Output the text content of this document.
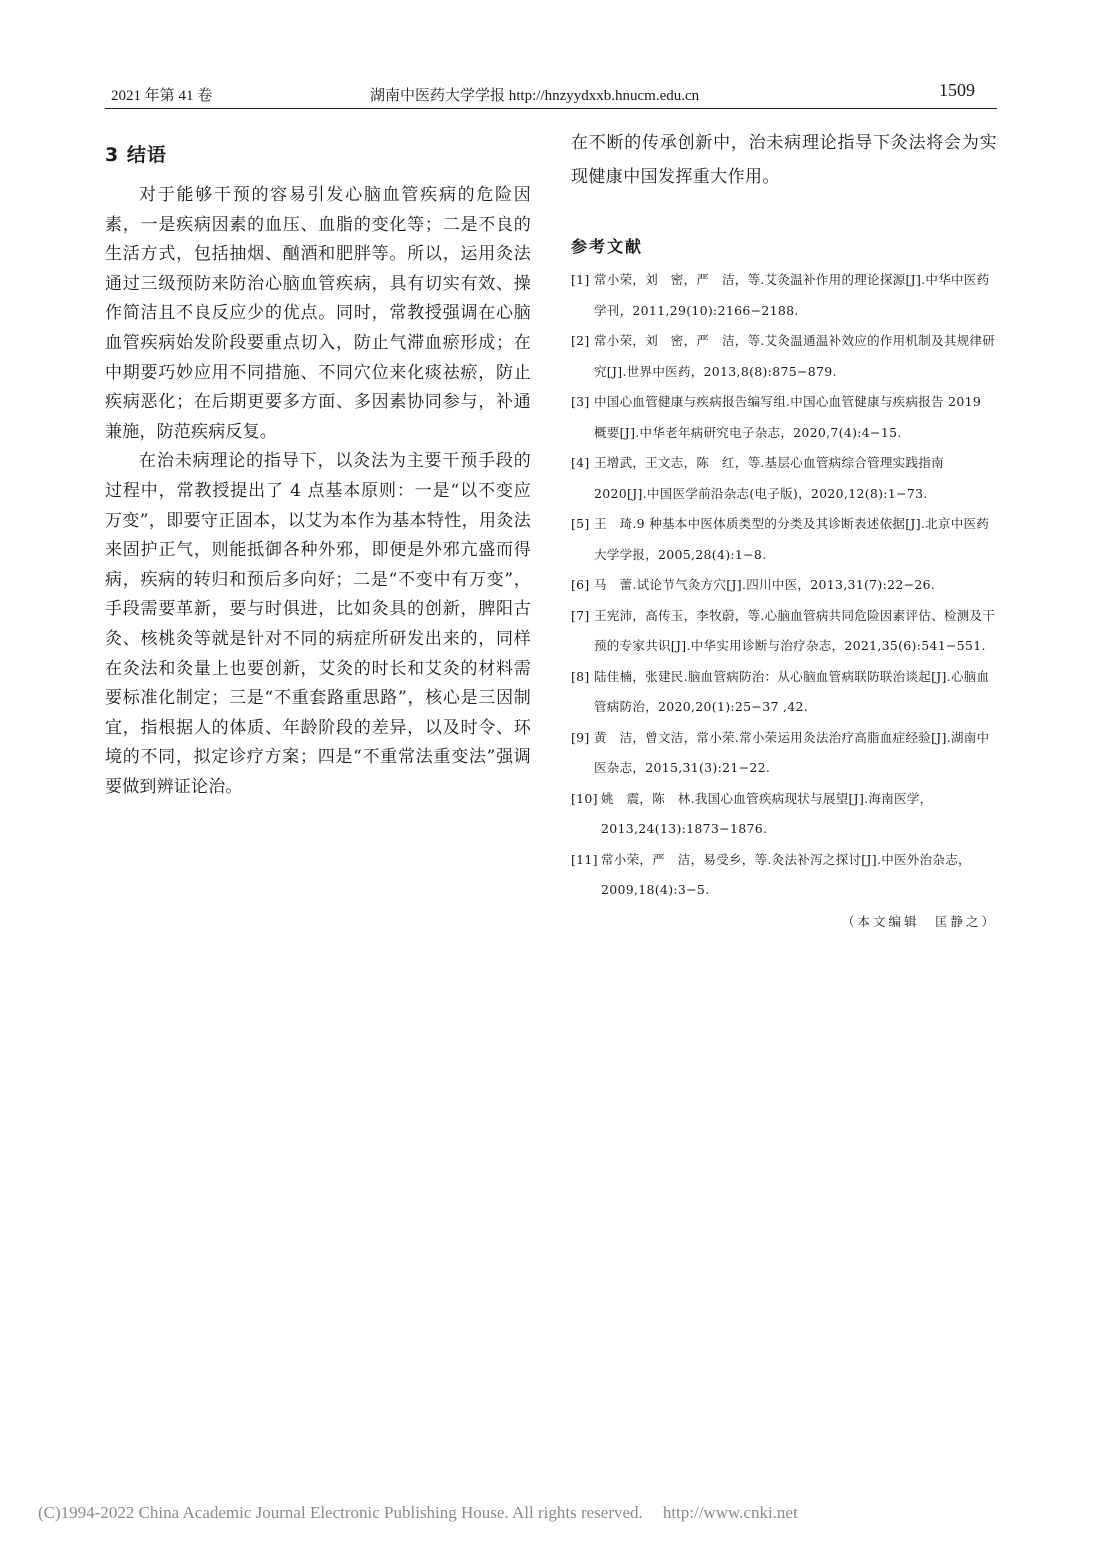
2021 年第 41 卷	湖南中医药大学学报 http://hnzyydxxb.hnucm.edu.cn	1509
3 结语

对于能够干预的容易引发心脑血管疾病的危险因素，一是疾病因素的血压、血脂的变化等；二是不良的生活方式，包括抽烟、酗酒和肥胖等。所以，运用灸法通过三级预防来防治心脑血管疾病，具有切实有效、操作简洁且不良反应少的优点。同时，常教授强调在心脑血管疾病始发阶段要重点切入，防止气滞血瘀形成；在中期要巧妙应用不同措施、不同穴位来化痰祛瘀，防止疾病恶化；在后期更要多方面、多因素协同参与，补通兼施，防范疾病反复。

在治未病理论的指导下，以灸法为主要干预手段的过程中，常教授提出了 4 点基本原则：一是“以不变应万变”，即要守正固本，以艾为本作为基本特性，用灸法来固护正气，则能抵御各种外邪，即便是外邪亢盛而得病，疾病的转归和预后多向好；二是“不变中有万变”，手段需要革新，要与时俱进，比如灸具的创新，脾阳古灸、核桃灸等就是针对不同的病症所研发出来的，同样在灸法和灸量上也要创新，艾灸的时长和艾灸的材料需要标准化制定；三是“不重套路重思路”，核心是三因制宜，指根据人的体质、年龄阶段的差异，以及时令、环境的不同，拟定诊疗方案；四是“不重常法重变法”强调要做到辨证论治。

在不断的传承创新中，治未病理论指导下灸法将会为实现健康中国发挥重大作用。

参考文献

[1] 常小荣，刘　密，严　洁，等.艾灸温补作用的理论探源[J].中华中医药学刊，2011,29(10):2166−2188.

[2] 常小荣，刘　密，严　洁，等.艾灸温通温补效应的作用机制及其规律研究[J].世界中医药，2013,8(8):875−879.

[3] 中国心血管健康与疾病报告编写组.中国心血管健康与疾病报告 2019 概要[J].中华老年病研究电子杂志，2020,7(4):4−15.

[4] 王增武，王文志，陈　红，等.基层心血管病综合管理实践指南 2020[J].中国医学前沿杂志(电子版)，2020,12(8):1−73.

[5] 王　琦.9 种基本中医体质类型的分类及其诊断表述依据[J].北京中医药大学学报，2005,28(4):1−8.

[6] 马　蕾.试论节气灸方穴[J].四川中医，2013,31(7):22−26.

[7] 王宪沛，高传玉，李牧蔚，等.心脑血管病共同危险因素评估、检测及干预的专家共识[J].中华实用诊断与治疗杂志，2021,35(6):541−551.

[8] 陆佳楠，张建民.脑血管病防治：从心脑血管病联防联治谈起[J].心脑血管病防治，2020,20(1):25−37 ,42.

[9] 黄　洁，曾文洁，常小荣.常小荣运用灸法治疗高脂血症经验[J].湖南中医杂志，2015,31(3):21−22.

[10] 姚　震，陈　林.我国心血管疾病现状与展望[J].海南医学，2013,24(13):1873−1876.

[11] 常小荣，严　洁，易受乡，等.灸法补泻之探讨[J].中医外治杂志，2009,18(4):3−5.

（本文编辑　匡静之）
(C)1994-2022 China Academic Journal Electronic Publishing House. All rights reserved. http://www.cnki.net
